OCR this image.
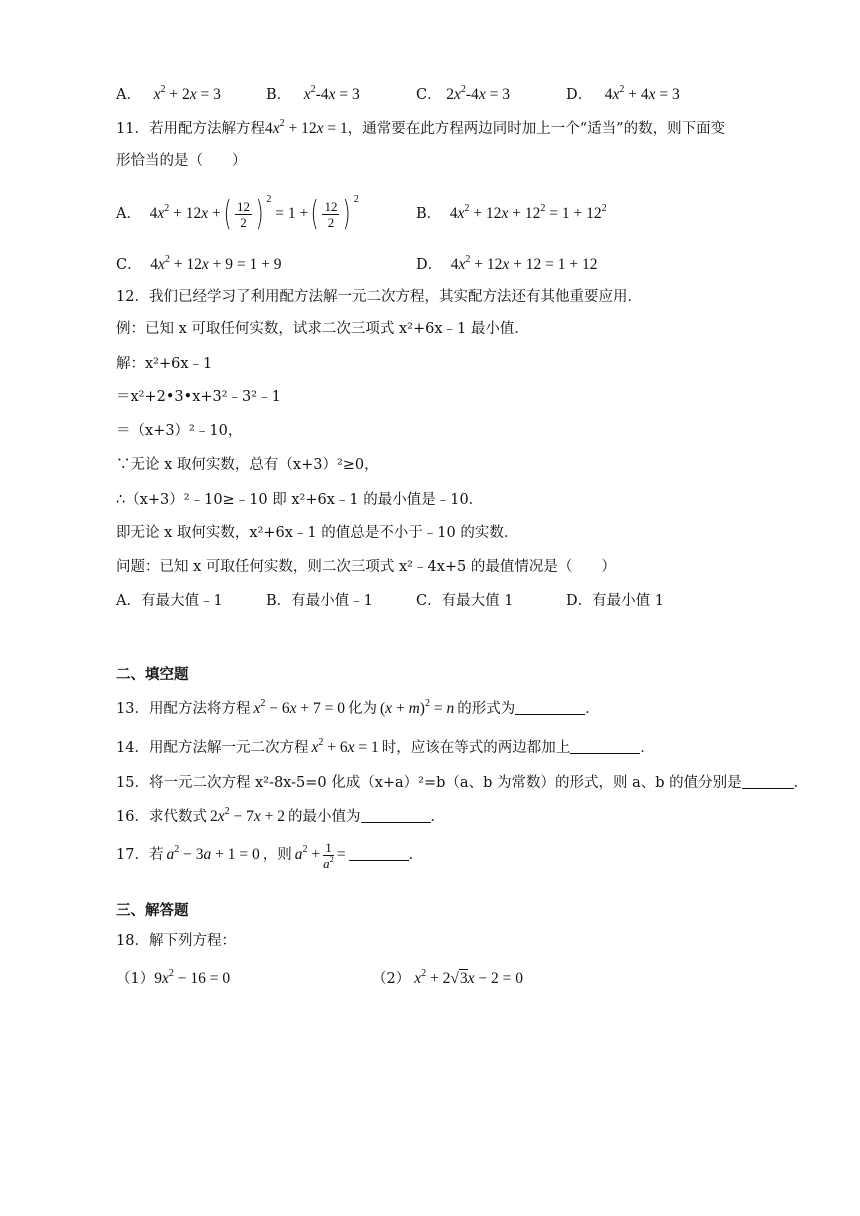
A． $x^2 + 2x = 3$	B． $x^2-4x = 3$	C． $2x^2-4x = 3$	D． $4x^2 + 4x = 3$
11．若用配方法解方程$4x^2 + 12x = 1$，通常要在此方程两边同时加上一个“适当”的数，则下面变
形恰当的是（　　）
A． $4x^2 + 12x$ + ( $\frac{12}{2}$ ) $^2$ = 1 + ( $\frac{12}{2}$ ) $^2$
B． $4x^2 + 12x + 12^2 = 1 + 12^2$
C． $4x^2 + 12x + 9 = 1 + 9$	D． $4x^2 + 12x + 12 = 1 + 12$
12．我们已经学习了利用配方法解一元二次方程，其实配方法还有其他重要应用．
例：已知 x 可取任何实数，试求二次三项式 x²+6x﹣1 最小值．
解：x²+6x﹣1
＝x²+2•3•x+3²﹣3²﹣1
＝（x+3）²﹣10，
∵无论 x 取何实数，总有（x+3）²≥0，
∴（x+3）²﹣10≥﹣10 即 x²+6x﹣1 的最小值是﹣10．
即无论 x 取何实数，x²+6x﹣1 的值总是不小于﹣10 的实数．
问题：已知 x 可取任何实数，则二次三项式 x²﹣4x+5 的最值情况是（　　）
A．有最大值﹣1	B．有最小值﹣1	C．有最大值 1	D．有最小值 1
二、填空题
13．用配方法将方程 $x^2 - 6x + 7 = 0$ 化为 $(x + m)^2 = n$ 的形式为	．
14．用配方法解一元二次方程 $x^2 + 6x = 1$ 时，应该在等式的两边都加上	．
15．将一元二次方程 x²-8x-5=0 化成（x+a）²=b（a、b 为常数）的形式，则 a、b 的值分别是	．
16．求代数式 $2x^2 - 7x + 2$ 的最小值为	．
17．若 $a^2 - 3a + 1 = 0$ ，则 $a^2 + \frac{1}{a^2}$ =	．
三、解答题
18．解下列方程：
$(1)9x^2 - 16 = 0$	（2） $x^2 + 2√3x - 2 = 0$
